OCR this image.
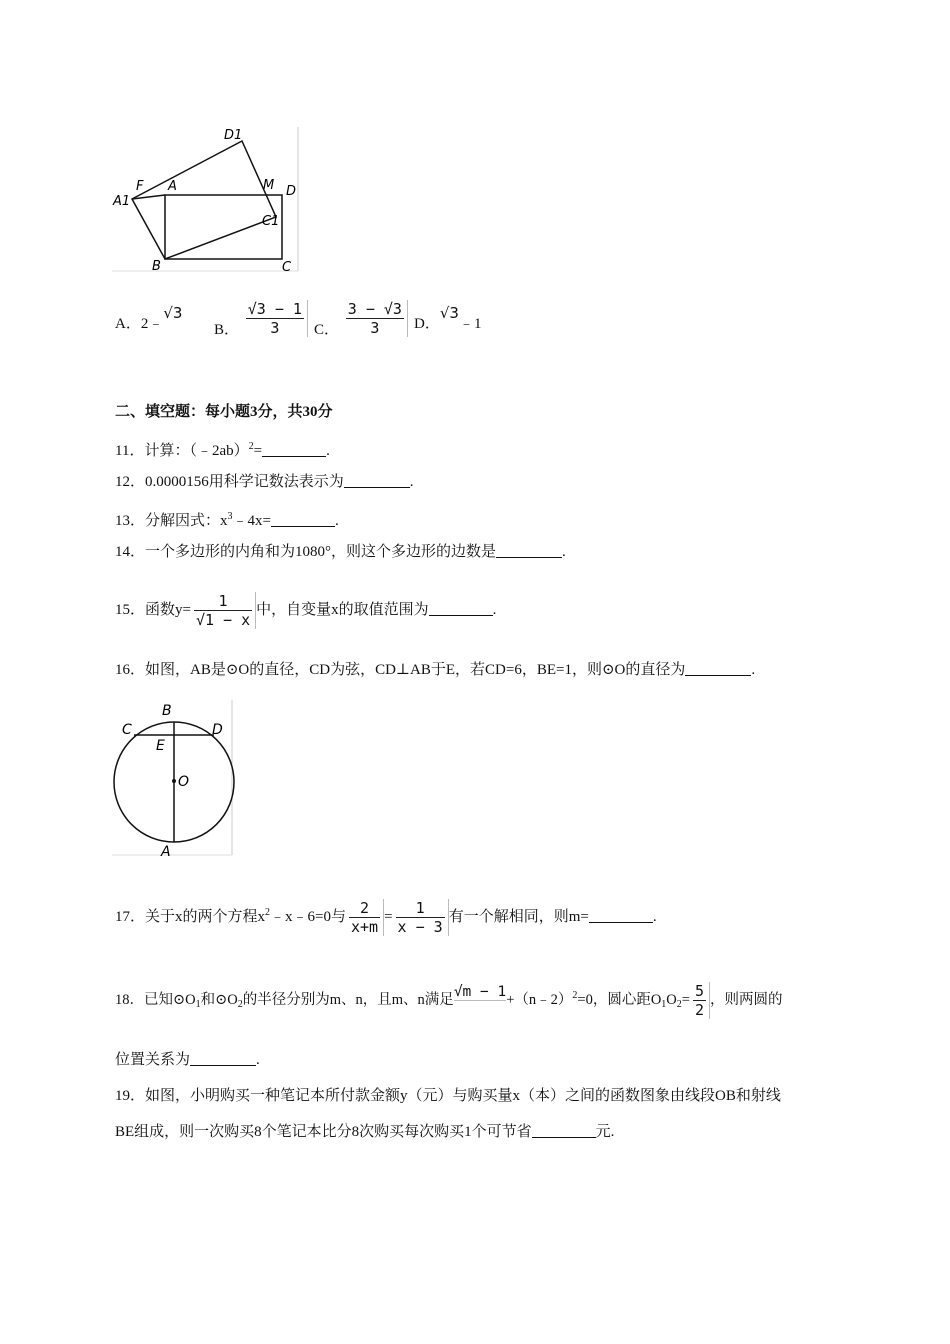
D1
F A	M D
A1
C1
B	C
A．2﹣√3
B． $\frac{√3 - 1}{3}$ C． $\frac{3 - √3}{3}$ D．√3﹣1
二、填空题：每小题3分，共30分
11．计算：（﹣2ab）$^2$=	.
12．0.0000156用科学记数法表示为	.
13．分解因式：$x^3﹣4x=$	.
14．一个多边形的内角和为1080°，则这个多边形的边数是	.
15．函数$y= \frac{1}{√1 - x}$ 中，自变量x的取值范围为	.
16．如图，AB是⊙O的直径，CD为弦，CD⊥AB于E，若CD=6，BE=1，则⊙O的直径为	.
B
C	D
E
O
A
17．关于x的两个方程$x^2﹣x﹣6=0$与 $\frac{2}{x+m} = \frac{1}{x - 3}$ 有一个解相同，则m=	.
18．已知$⊙O_1$和$⊙O_2$的半径分别为m、n，且m、n满足√m − 1+（n﹣2）$^2$=0，圆心距$O_1O_2= \frac{5}{2}$ ，则两圆的
位置关系为	.
19．如图，小明购买一种笔记本所付款金额y（元）与购买量x（本）之间的函数图象由线段OB和射线
BE组成，则一次购买8个笔记本比分8次购买每次购买1个可节省	元.
